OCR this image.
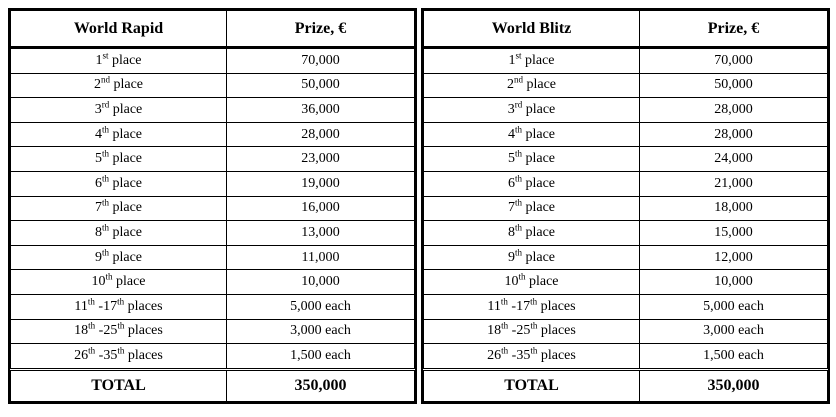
World Rapid	Prize, €
1st place	70,000
2nd place	50,000
3rd place	36,000
4th place	28,000
5th place	23,000
6th place	19,000
7th place	16,000
8th place	13,000
9th place	11,000
10th place	10,000
11th -17th places	5,000 each
18th -25th places	3,000 each
26th -35th places	1,500 each
TOTAL	350,000
World Blitz	Prize, €
1st place	70,000
2nd place	50,000
3rd place	28,000
4th place	28,000
5th place	24,000
6th place	21,000
7th place	18,000
8th place	15,000
9th place	12,000
10th place	10,000
11th -17th places	5,000 each
18th -25th places	3,000 each
26th -35th places	1,500 each
TOTAL	350,000
